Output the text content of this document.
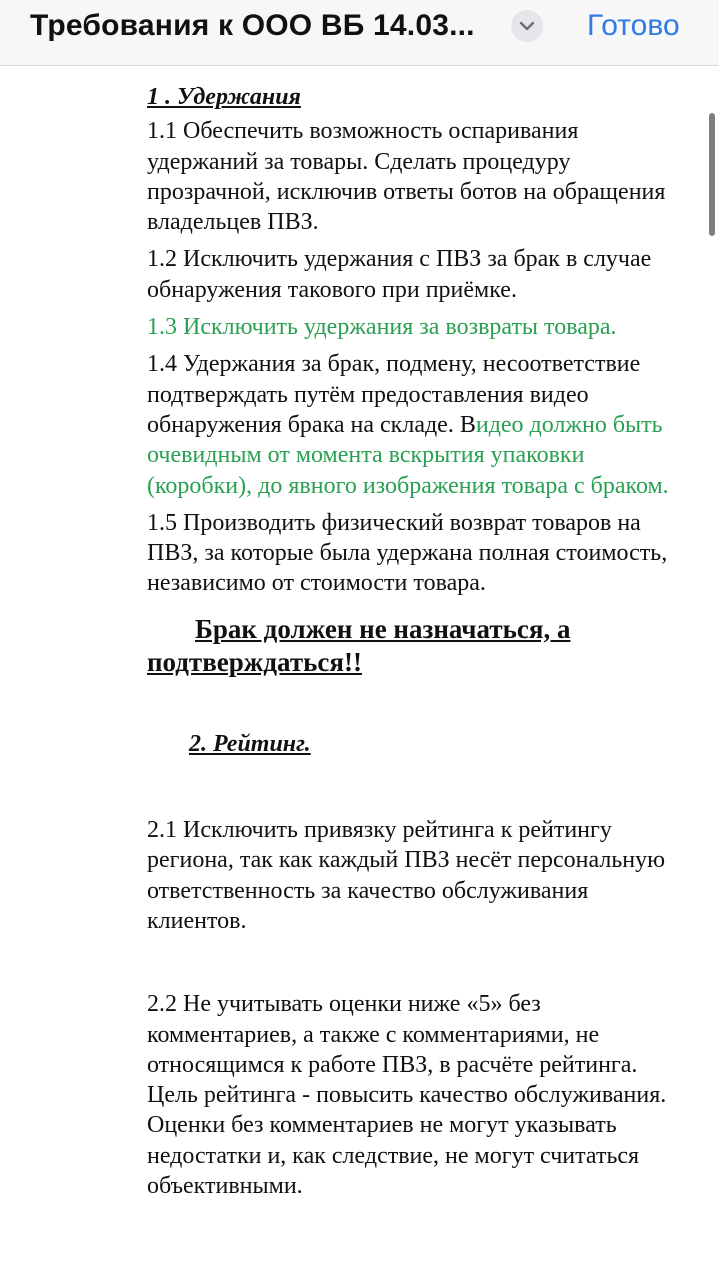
Требования к ООО ВБ 14.03...	Готово

1 . Удержания

1.1 Обеспечить возможность оспаривания удержаний за товары. Сделать процедуру прозрачной, исключив ответы ботов на обращения владельцев ПВЗ.

1.2 Исключить удержания с ПВЗ за брак в случае обнаружения такового при приёмке.

1.3 Исключить удержания за возвраты товара.

1.4 Удержания за брак, подмену, несоответствие подтверждать путём предоставления видео обнаружения брака на складе. Видео должно быть очевидным от момента вскрытия упаковки (коробки), до явного изображения товара с браком.

1.5 Производить физический возврат товаров на ПВЗ, за которые была удержана полная стоимость, независимо от стоимости товара.

Брак должен не назначаться, а подтверждаться!!

2. Рейтинг.

2.1 Исключить привязку рейтинга к рейтингу региона, так как каждый ПВЗ несёт персональную ответственность за качество обслуживания клиентов.

2.2 Не учитывать оценки ниже «5» без комментариев, а также с комментариями, не относящимся к работе ПВЗ, в расчёте рейтинга. Цель рейтинга - повысить качество обслуживания. Оценки без комментариев не могут указывать недостатки и, как следствие, не могут считаться объективными.
